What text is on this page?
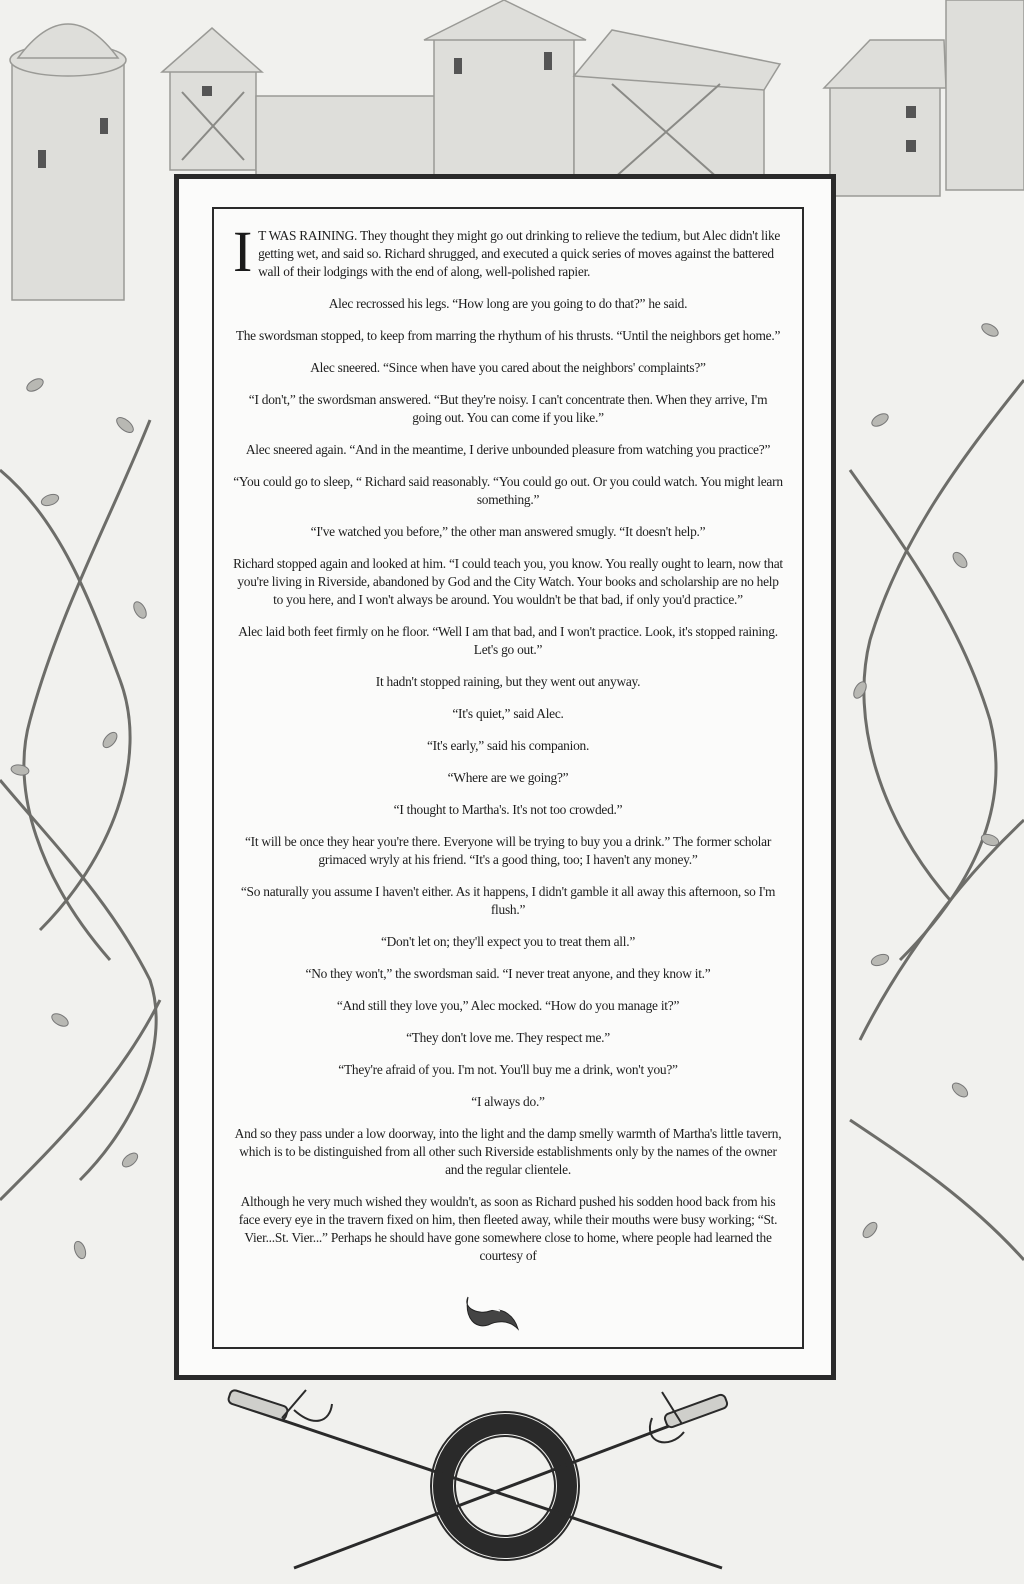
I T WAS RAINING. They thought they might go out drinking to relieve the tedium, but Alec didn't like getting wet, and said so. Richard shrugged, and executed a quick series of moves against the battered wall of their lodgings with the end of along, well-polished rapier.

Alec recrossed his legs. “How long are you going to do that?” he said.

The swordsman stopped, to keep from marring the rhythum of his thrusts. “Until the neighbors get home.”

Alec sneered. “Since when have you cared about the neighbors' complaints?”

“I don't,” the swordsman answered. “But they're noisy. I can't concentrate then. When they arrive, I'm going out. You can come if you like.”

Alec sneered again. “And in the meantime, I derive unbounded pleasure from watching you practice?”

“You could go to sleep, “ Richard said reasonably. “You could go out. Or you could watch. You might learn something.”

“I've watched you before,” the other man answered smugly. “It doesn't help.”

Richard stopped again and looked at him. “I could teach you, you know. You really ought to learn, now that you're living in Riverside, abandoned by God and the City Watch. Your books and scholarship are no help to you here, and I won't always be around. You wouldn't be that bad, if only you'd practice.”

Alec laid both feet firmly on he floor. “Well I am that bad, and I won't practice. Look, it's stopped raining. Let's go out.”

It hadn't stopped raining, but they went out anyway.

“It's quiet,” said Alec.

“It's early,” said his companion.

“Where are we going?”

“I thought to Martha's. It's not too crowded.”

“It will be once they hear you're there. Everyone will be trying to buy you a drink.” The former scholar grimaced wryly at his friend. “It's a good thing, too; I haven't any money.”

“So naturally you assume I haven't either. As it happens, I didn't gamble it all away this afternoon, so I'm flush.”

“Don't let on; they'll expect you to treat them all.”

“No they won't,” the swordsman said. “I never treat anyone, and they know it.”

“And still they love you,” Alec mocked. “How do you manage it?”

“They don't love me. They respect me.”

“They're afraid of you. I'm not. You'll buy me a drink, won't you?”

“I always do.”

And so they pass under a low doorway, into the light and the damp smelly warmth of Martha's little tavern, which is to be distinguished from all other such Riverside establishments only by the names of the owner and the regular clientele.

Although he very much wished they wouldn't, as soon as Richard pushed his sodden hood back from his face every eye in the travern fixed on him, then fleeted away, while their mouths were busy working; “St. Vier...St. Vier...” Perhaps he should have gone somewhere close to home, where people had learned the courtesy of
